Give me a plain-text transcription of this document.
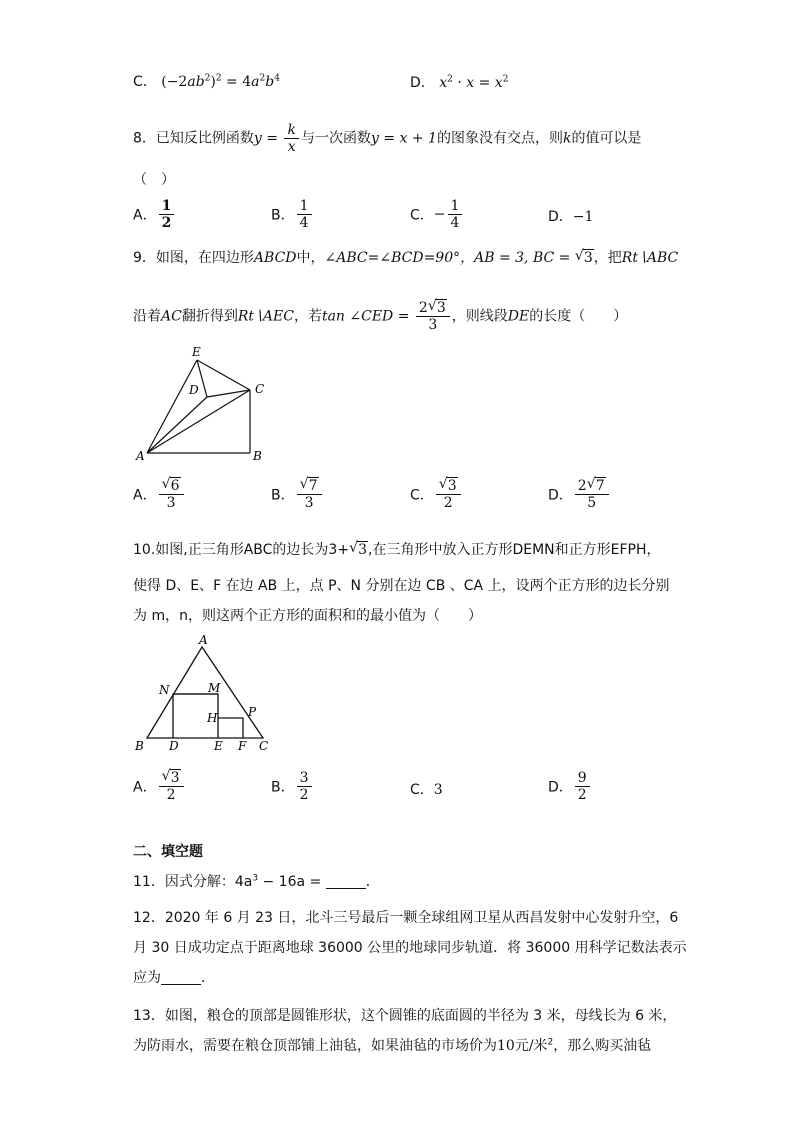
C． $(-2ab^2)^2 = 4a^2b^4$	D． $x^2 \cdot x = x^2$
8．已知反比例函数$y = \frac{k}{x}$ 与一次函数y = x + 1的图象没有交点，则k的值可以是
（　）
A． $\frac{1}{2}$	B． $\frac{1}{4}$	C．− $\frac{1}{4}$	D．−1
9．如图，在四边形ABCD中，∠ABC=∠BCD=90°，AB = 3, BC = √ 3，把Rt∖ABC
沿着AC翻折得到Rt∖AEC，若tan ∠CED = $\frac{2 √ 3}{3}$ ，则线段DE的长度（　　）
E
D	C
A	B
A． $\frac{√ 6}{3}$	B． $\frac{√ 7}{3}$	C． $\frac{√ 3}{2}$	D． $\frac{2 √ 7}{5}$
10.如图,正三角形ABC的边长为3+ √ 3,在三角形中放入正方形DEMN和正方形EFPH，
使得 D、E、F 在边 AB 上，点 P、N 分别在边 CB 、CA 上，设两个正方形的边长分别
为 m，n，则这两个正方形的面积和的最小值为（　　）
A
N	M
H	P
B D	E F C
A． $\frac{√ 3}{2}$	B． $\frac{3}{2}$	C．3	D． $\frac{9}{2}$
二、填空题
11．因式分解：$4a^3 - 16a$ =	．
12．2020 年 6 月 23 日，北斗三号最后一颗全球组网卫星从西昌发射中心发射升空，6
月 30 日成功定点于距离地球 36000 公里的地球同步轨道．将 36000 用科学记数法表示
应为	．
13．如图，粮仓的顶部是圆锥形状，这个圆锥的底面圆的半径为 3 米，母线长为 6 米，
为防雨水，需要在粮仓顶部铺上油毡，如果油毡的市场价为10元/米$^2$，那么购买油毡
